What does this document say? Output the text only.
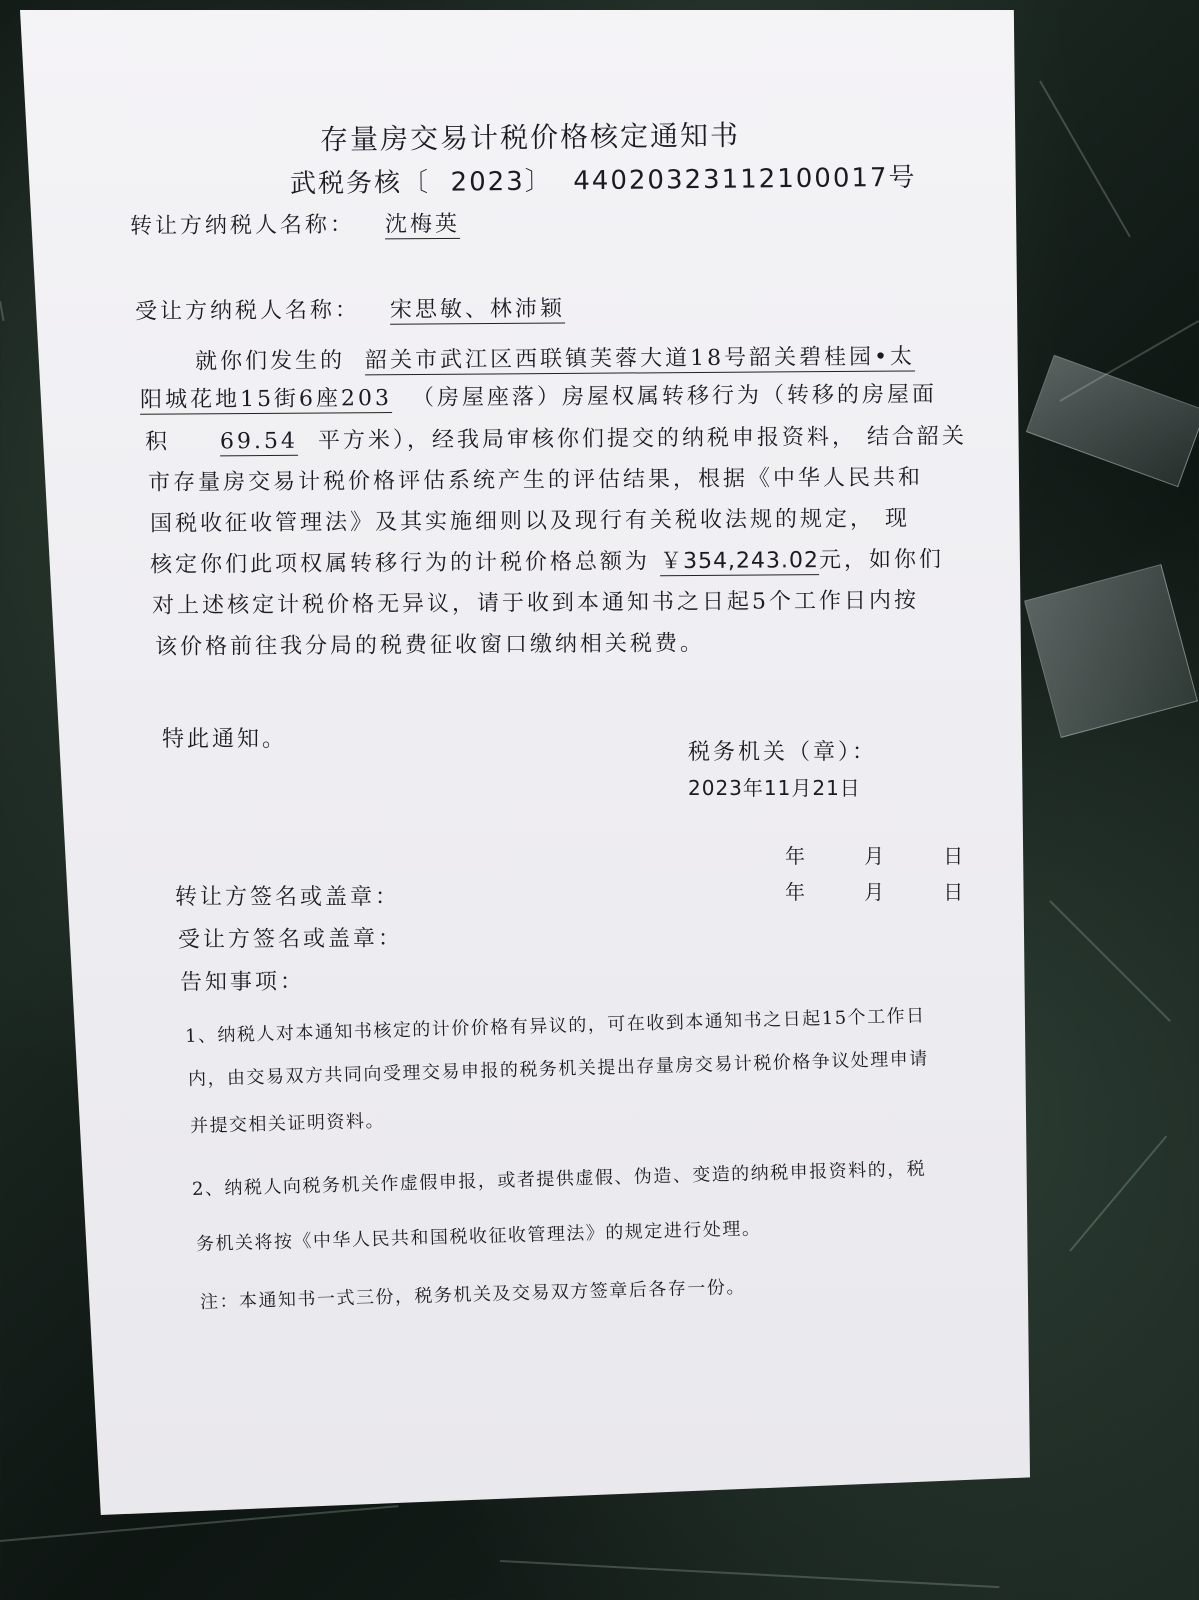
存量房交易计税价格核定通知书
武税务核〔 2023〕 44020323112100017号
转让方纳税人名称： 沈梅英
受让方纳税人名称： 宋思敏、林沛颖
就你们发生的 韶关市武江区西联镇芙蓉大道18号韶关碧桂园•太
阳城花地15街6座203 （房屋座落）房屋权属转移行为（转移的房屋面
积 69.54 平方米），经我局审核你们提交的纳税申报资料， 结合韶关
市存量房交易计税价格评估系统产生的评估结果，根据《中华人民共和
国税收征收管理法》及其实施细则以及现行有关税收法规的规定， 现
核定你们此项权属转移行为的计税价格总额为 ￥354,243.02元，如你们
对上述核定计税价格无异议，请于收到本通知书之日起5个工作日内按
该价格前往我分局的税费征收窗口缴纳相关税费。
特此通知。
税务机关（章）：
2023年11月21日
年      月      日
转让方签名或盖章：	年      月      日
受让方签名或盖章：
告知事项：
1、纳税人对本通知书核定的计价价格有异议的，可在收到本通知书之日起15个工作日
内，由交易双方共同向受理交易申报的税务机关提出存量房交易计税价格争议处理申请
并提交相关证明资料。
2、纳税人向税务机关作虚假申报，或者提供虚假、伪造、变造的纳税申报资料的，税
务机关将按《中华人民共和国税收征收管理法》的规定进行处理。
注：本通知书一式三份，税务机关及交易双方签章后各存一份。
